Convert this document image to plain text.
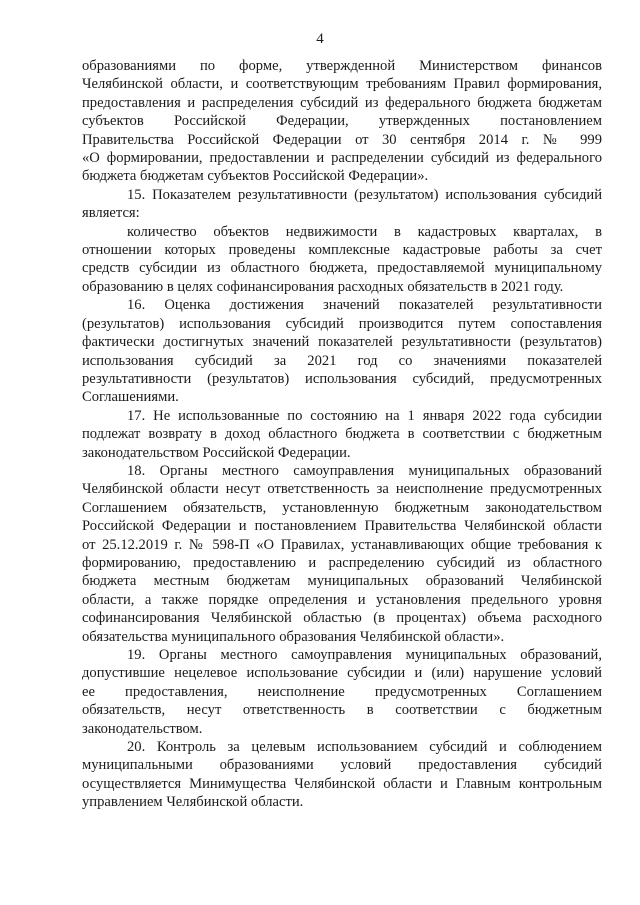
4

образованиями по форме, утвержденной Министерством финансов
Челябинской области, и соответствующим требованиям Правил формирования,
предоставления и распределения субсидий из федерального бюджета бюджетам
субъектов Российской Федерации, утвержденных постановлением
Правительства Российской Федерации от 30 сентября 2014 г. № 999
«О формировании, предоставлении и распределении субсидий из федерального
бюджета бюджетам субъектов Российской Федерации».

15. Показателем результативности (результатом) использования субсидий
является:

количество объектов недвижимости в кадастровых кварталах, в
отношении которых проведены комплексные кадастровые работы за счет
средств субсидии из областного бюджета, предоставляемой муниципальному
образованию в целях софинансирования расходных обязательств в 2021 году.

16. Оценка достижения значений показателей результативности
(результатов) использования субсидий производится путем сопоставления
фактически достигнутых значений показателей результативности (результатов)
использования субсидий за 2021 год со значениями показателей
результативности (результатов) использования субсидий, предусмотренных
Соглашениями.

17. Не использованные по состоянию на 1 января 2022 года субсидии
подлежат возврату в доход областного бюджета в соответствии с бюджетным
законодательством Российской Федерации.

18. Органы местного самоуправления муниципальных образований
Челябинской области несут ответственность за неисполнение предусмотренных
Соглашением обязательств, установленную бюджетным законодательством
Российской Федерации и постановлением Правительства Челябинской области
от 25.12.2019 г. № 598-П «О Правилах, устанавливающих общие требования к
формированию, предоставлению и распределению субсидий из областного
бюджета местным бюджетам муниципальных образований Челябинской
области, а также порядке определения и установления предельного уровня
софинансирования Челябинской областью (в процентах) объема расходного
обязательства муниципального образования Челябинской области».

19. Органы местного самоуправления муниципальных образований,
допустившие нецелевое использование субсидии и (или) нарушение условий
ее предоставления, неисполнение предусмотренных Соглашением
обязательств, несут ответственность в соответствии с бюджетным
законодательством.

20. Контроль за целевым использованием субсидий и соблюдением
муниципальными образованиями условий предоставления субсидий
осуществляется Минимущества Челябинской области и Главным контрольным
управлением Челябинской области.
